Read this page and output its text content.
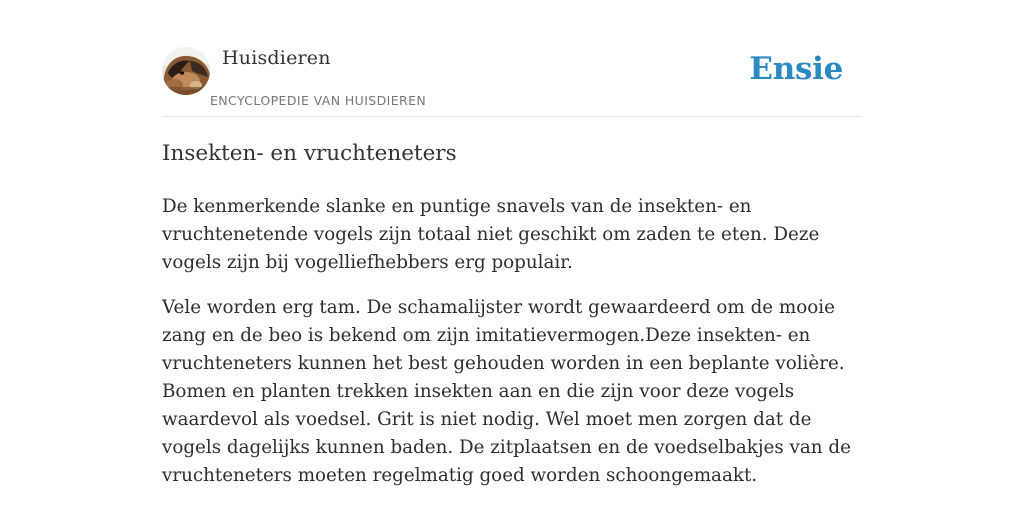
Huisdieren
ENCYCLOPEDIE VAN HUISDIEREN
Ensie
Insekten- en vruchteneters

De kenmerkende slanke en puntige snavels van de insekten- en vruchtenetende vogels zijn totaal niet geschikt om zaden te eten. Deze vogels zijn bij vogelliefhebbers erg populair.

Vele worden erg tam. De schamalijster wordt gewaardeerd om de mooie zang en de beo is bekend om zijn imitatievermogen.Deze insekten- en vruchteneters kunnen het best gehouden worden in een beplante volière. Bomen en planten trekken insekten aan en die zijn voor deze vogels waardevol als voedsel. Grit is niet nodig. Wel moet men zorgen dat de vogels dagelijks kunnen baden. De zitplaatsen en de voedselbakjes van de vruchteneters moeten regelmatig goed worden schoongemaakt.
